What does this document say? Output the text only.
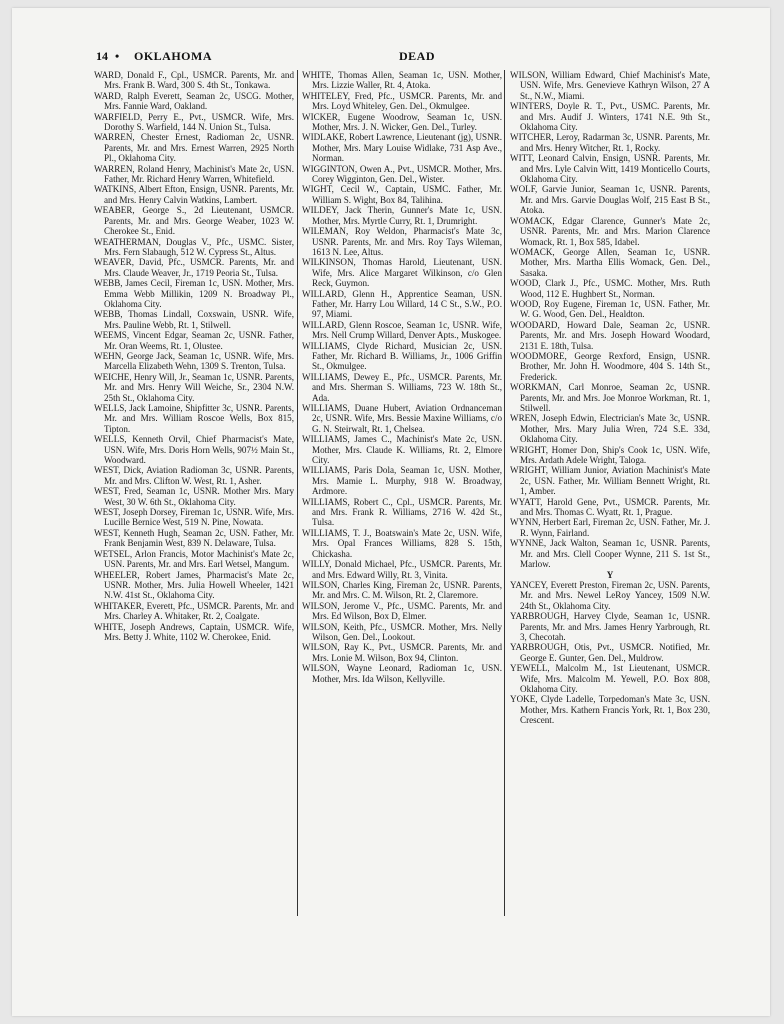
14 • OKLAHOMA	DEAD

WARD, Donald F., Cpl., USMCR. Parents, Mr. and Mrs. Frank B. Ward, 300 S. 4th St., Tonkawa.

WARD, Ralph Everett, Seaman 2c, USCG. Mother, Mrs. Fannie Ward, Oakland.

WARFIELD, Perry E., Pvt., USMCR. Wife, Mrs. Dorothy S. Warfield, 144 N. Union St., Tulsa.

WARREN, Chester Ernest, Radioman 2c, USNR. Parents, Mr. and Mrs. Ernest Warren, 2925 North Pl., Oklahoma City.

WARREN, Roland Henry, Machinist's Mate 2c, USN. Father, Mr. Richard Henry Warren, Whitefield.

WATKINS, Albert Efton, Ensign, USNR. Parents, Mr. and Mrs. Henry Calvin Watkins, Lambert.

WEABER, George S., 2d Lieutenant, USMCR. Parents, Mr. and Mrs. George Weaber, 1023 W. Cherokee St., Enid.

WEATHERMAN, Douglas V., Pfc., USMC. Sister, Mrs. Fern Slabaugh, 512 W. Cypress St., Altus.

WEAVER, David, Pfc., USMCR. Parents, Mr. and Mrs. Claude Weaver, Jr., 1719 Peoria St., Tulsa.

WEBB, James Cecil, Fireman 1c, USN. Mother, Mrs. Emma Webb Millikin, 1209 N. Broadway Pl., Oklahoma City.

WEBB, Thomas Lindall, Coxswain, USNR. Wife, Mrs. Pauline Webb, Rt. 1, Stilwell.

WEEMS, Vincent Edgar, Seaman 2c, USNR. Father, Mr. Oran Weems, Rt. 1, Olustee.

WEHN, George Jack, Seaman 1c, USNR. Wife, Mrs. Marcella Elizabeth Wehn, 1309 S. Trenton, Tulsa.

WEICHE, Henry Will, Jr., Seaman 1c, USNR. Parents, Mr. and Mrs. Henry Will Weiche, Sr., 2304 N.W. 25th St., Oklahoma City.

WELLS, Jack Lamoine, Shipfitter 3c, USNR. Parents, Mr. and Mrs. William Roscoe Wells, Box 815, Tipton.

WELLS, Kenneth Orvil, Chief Pharmacist's Mate, USN. Wife, Mrs. Doris Horn Wells, 907½ Main St., Woodward.

WEST, Dick, Aviation Radioman 3c, USNR. Parents, Mr. and Mrs. Clifton W. West, Rt. 1, Asher.

WEST, Fred, Seaman 1c, USNR. Mother Mrs. Mary West, 30 W. 6th St., Oklahoma City.

WEST, Joseph Dorsey, Fireman 1c, USNR. Wife, Mrs. Lucille Bernice West, 519 N. Pine, Nowata.

WEST, Kenneth Hugh, Seaman 2c, USN. Father, Mr. Frank Benjamin West, 839 N. Delaware, Tulsa.

WETSEL, Arlon Francis, Motor Machinist's Mate 2c, USN. Parents, Mr. and Mrs. Earl Wetsel, Mangum.

WHEELER, Robert James, Pharmacist's Mate 2c, USNR. Mother, Mrs. Julia Howell Wheeler, 1421 N.W. 41st St., Oklahoma City.

WHITAKER, Everett, Pfc., USMCR. Parents, Mr. and Mrs. Charley A. Whitaker, Rt. 2, Coalgate.

WHITE, Joseph Andrews, Captain, USMCR. Wife, Mrs. Betty J. White, 1102 W. Cherokee, Enid.

WHITE, Thomas Allen, Seaman 1c, USN. Mother, Mrs. Lizzie Waller, Rt. 4, Atoka.

WHITELEY, Fred, Pfc., USMCR. Parents, Mr. and Mrs. Loyd Whiteley, Gen. Del., Okmulgee.

WICKER, Eugene Woodrow, Seaman 1c, USN. Mother, Mrs. J. N. Wicker, Gen. Del., Turley.

WIDLAKE, Robert Lawrence, Lieutenant (jg), USNR. Mother, Mrs. Mary Louise Widlake, 731 Asp Ave., Norman.

WIGGINTON, Owen A., Pvt., USMCR. Mother, Mrs. Corey Wigginton, Gen. Del., Wister.

WIGHT, Cecil W., Captain, USMC. Father, Mr. William S. Wight, Box 84, Talihina.

WILDEY, Jack Therin, Gunner's Mate 1c, USN. Mother, Mrs. Myrtle Curry, Rt. 1, Drumright.

WILEMAN, Roy Weldon, Pharmacist's Mate 3c, USNR. Parents, Mr. and Mrs. Roy Tays Wileman, 1613 N. Lee, Altus.

WILKINSON, Thomas Harold, Lieutenant, USN. Wife, Mrs. Alice Margaret Wilkinson, c/o Glen Reck, Guymon.

WILLARD, Glenn H., Apprentice Seaman, USN. Father, Mr. Harry Lou Willard, 14 C St., S.W., P.O. 97, Miami.

WILLARD, Glenn Roscoe, Seaman 1c, USNR. Wife, Mrs. Nell Crump Willard, Denver Apts., Muskogee.

WILLIAMS, Clyde Richard, Musician 2c, USN. Father, Mr. Richard B. Williams, Jr., 1006 Griffin St., Okmulgee.

WILLIAMS, Dewey E., Pfc., USMCR. Parents, Mr. and Mrs. Sherman S. Williams, 723 W. 18th St., Ada.

WILLIAMS, Duane Hubert, Aviation Ordnanceman 2c, USNR. Wife, Mrs. Bessie Maxine Williams, c/o G. N. Steirwalt, Rt. 1, Chelsea.

WILLIAMS, James C., Machinist's Mate 2c, USN. Mother, Mrs. Claude K. Williams, Rt. 2, Elmore City.

WILLIAMS, Paris Dola, Seaman 1c, USN. Mother, Mrs. Mamie L. Murphy, 918 W. Broadway, Ardmore.

WILLIAMS, Robert C., Cpl., USMCR. Parents, Mr. and Mrs. Frank R. Williams, 2716 W. 42d St., Tulsa.

WILLIAMS, T. J., Boatswain's Mate 2c, USN. Wife, Mrs. Opal Frances Williams, 828 S. 15th, Chickasha.

WILLY, Donald Michael, Pfc., USMCR. Parents, Mr. and Mrs. Edward Willy, Rt. 3, Vinita.

WILSON, Charles King, Fireman 2c, USNR. Parents, Mr. and Mrs. C. M. Wilson, Rt. 2, Claremore.

WILSON, Jerome V., Pfc., USMC. Parents, Mr. and Mrs. Ed Wilson, Box D, Elmer.

WILSON, Keith, Pfc., USMCR. Mother, Mrs. Nelly Wilson, Gen. Del., Lookout.

WILSON, Ray K., Pvt., USMCR. Parents, Mr. and Mrs. Lonie M. Wilson, Box 94, Clinton.

WILSON, Wayne Leonard, Radioman 1c, USN. Mother, Mrs. Ida Wilson, Kellyville.

WILSON, William Edward, Chief Machinist's Mate, USN. Wife, Mrs. Genevieve Kathryn Wilson, 27 A St., N.W., Miami.

WINTERS, Doyle R. T., Pvt., USMC. Parents, Mr. and Mrs. Audif J. Winters, 1741 N.E. 9th St., Oklahoma City.

WITCHER, Leroy, Radarman 3c, USNR. Parents, Mr. and Mrs. Henry Witcher, Rt. 1, Rocky.

WITT, Leonard Calvin, Ensign, USNR. Parents, Mr. and Mrs. Lyle Calvin Witt, 1419 Monticello Courts, Oklahoma City.

WOLF, Garvie Junior, Seaman 1c, USNR. Parents, Mr. and Mrs. Garvie Douglas Wolf, 215 East B St., Atoka.

WOMACK, Edgar Clarence, Gunner's Mate 2c, USNR. Parents, Mr. and Mrs. Marion Clarence Womack, Rt. 1, Box 585, Idabel.

WOMACK, George Allen, Seaman 1c, USNR. Mother, Mrs. Martha Ellis Womack, Gen. Del., Sasaka.

WOOD, Clark J., Pfc., USMC. Mother, Mrs. Ruth Wood, 112 E. Hughbert St., Norman.

WOOD, Roy Eugene, Fireman 1c, USN. Father, Mr. W. G. Wood, Gen. Del., Healdton.

WOODARD, Howard Dale, Seaman 2c, USNR. Parents, Mr. and Mrs. Joseph Howard Woodard, 2131 E. 18th, Tulsa.

WOODMORE, George Rexford, Ensign, USNR. Brother, Mr. John H. Woodmore, 404 S. 14th St., Frederick.

WORKMAN, Carl Monroe, Seaman 2c, USNR. Parents, Mr. and Mrs. Joe Monroe Workman, Rt. 1, Stilwell.

WREN, Joseph Edwin, Electrician's Mate 3c, USNR. Mother, Mrs. Mary Julia Wren, 724 S.E. 33d, Oklahoma City.

WRIGHT, Homer Don, Ship's Cook 1c, USN. Wife, Mrs. Ardath Adele Wright, Taloga.

WRIGHT, William Junior, Aviation Machinist's Mate 2c, USN. Father, Mr. William Bennett Wright, Rt. 1, Amber.

WYATT, Harold Gene, Pvt., USMCR. Parents, Mr. and Mrs. Thomas C. Wyatt, Rt. 1, Prague.

WYNN, Herbert Earl, Fireman 2c, USN. Father, Mr. J. R. Wynn, Fairland.

WYNNE, Jack Walton, Seaman 1c, USNR. Parents, Mr. and Mrs. Clell Cooper Wynne, 211 S. 1st St., Marlow.

Y

YANCEY, Everett Preston, Fireman 2c, USN. Parents, Mr. and Mrs. Newel LeRoy Yancey, 1509 N.W. 24th St., Oklahoma City.

YARBROUGH, Harvey Clyde, Seaman 1c, USNR. Parents, Mr. and Mrs. James Henry Yarbrough, Rt. 3, Checotah.

YARBROUGH, Otis, Pvt., USMCR. Notified, Mr. George E. Gunter, Gen. Del., Muldrow.

YEWELL, Malcolm M., 1st Lieutenant, USMCR. Wife, Mrs. Malcolm M. Yewell, P.O. Box 808, Oklahoma City.

YOKE, Clyde Ladelle, Torpedoman's Mate 3c, USN. Mother, Mrs. Kathern Francis York, Rt. 1, Box 230, Crescent.
